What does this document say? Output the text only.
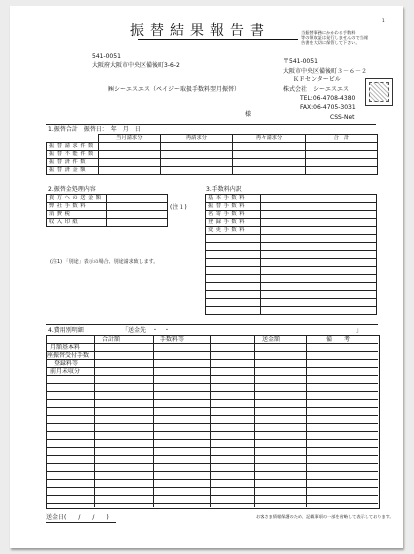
1
振替結果報告書	当振替事務にかかわる手数料
等の領収証は発行しませんので当報
告書を大切に保管して下さい。
541-0051
大阪府大阪市中央区備後町3-6-2
㈱シーエスエス（ペイジー取扱手数料翌月振替）
様
〒541-0051
大阪市中央区備後町３－６－２
ＫＦセンタービル
株式会社　シーエスエス
TEL:06-4708-4380
FAX:06-4705-3031
CSS-Net
1.振替合計　振替日：　年　月　日
	当月請求分	再請求分	再々請求分	合　計
振替請求件数				
振替不能件数				
振替済件数				
振替済金額				
2.振替金処理内容
貴方への送金額	
弊社手数料	
消費税	
収入印紙	
(注１)
3.手数料内訳
基本手数料	
振替手数料	
名寄手数料	
登録手数料	
変更手数料	

(注1) 「別途」表示の場合、別途請求致します。
4.費用別明細	「送金先　・　・	」
合計額	手数料等	送金額	備　　考
月額基本料
座振替受付手数
登録料等
前月未収分
送金日(　　/　　/　　)	お客さま情報保護のため、記載事項の一部を省略して表示しております。
